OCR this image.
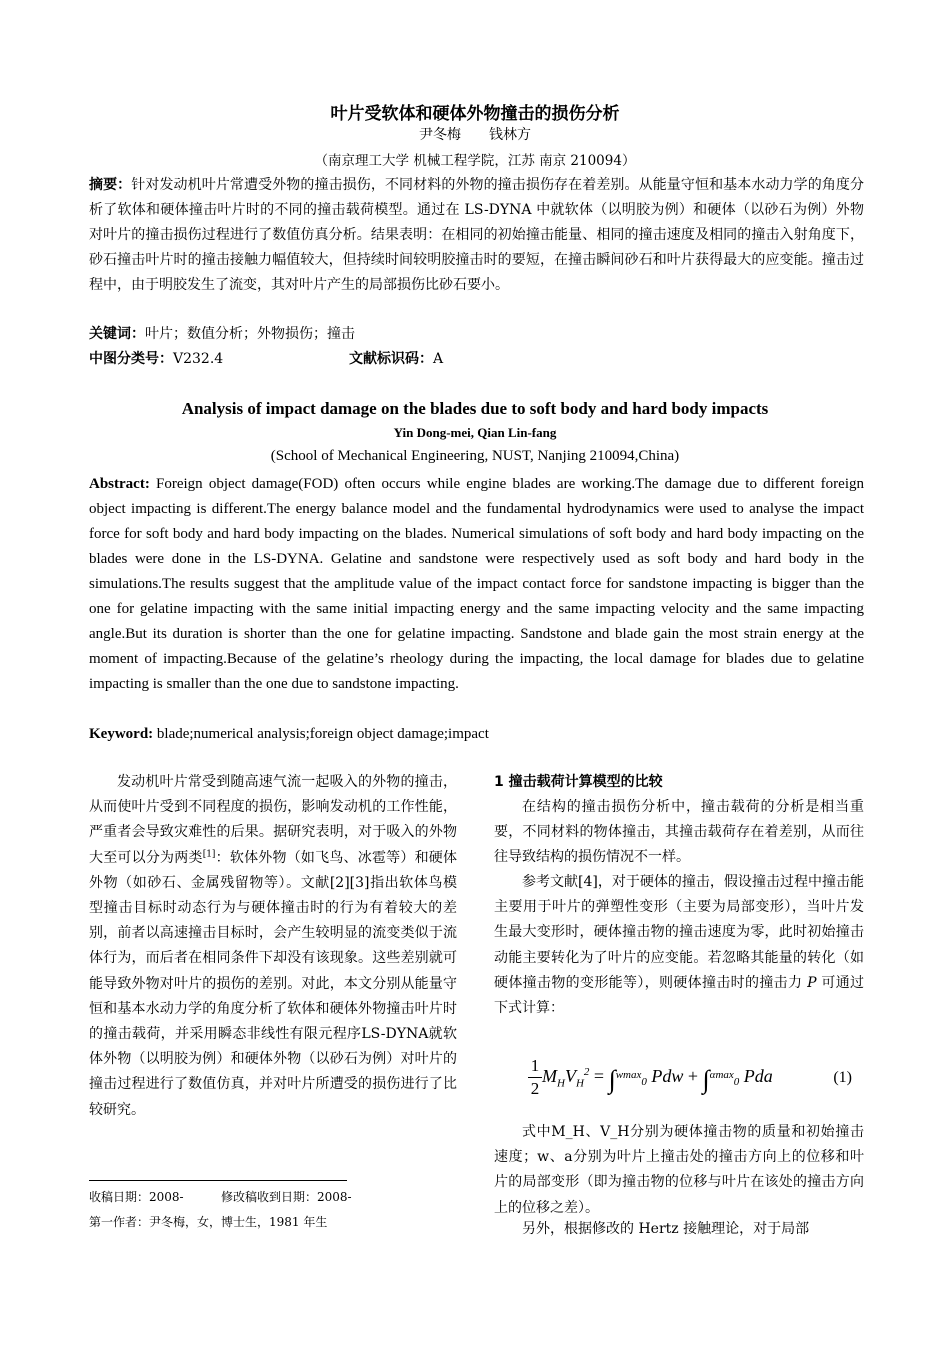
叶片受软体和硬体外物撞击的损伤分析
尹冬梅　　钱林方
（南京理工大学 机械工程学院，江苏 南京 210094）

摘要：针对发动机叶片常遭受外物的撞击损伤，不同材料的外物的撞击损伤存在着差别。从能量守恒和基本水动力学的角度分析了软体和硬体撞击叶片时的不同的撞击载荷模型。通过在 LS-DYNA 中就软体（以明胶为例）和硬体（以砂石为例）外物对叶片的撞击损伤过程进行了数值仿真分析。结果表明：在相同的初始撞击能量、相同的撞击速度及相同的撞击入射角度下，砂石撞击叶片时的撞击接触力幅值较大，但持续时间较明胶撞击时的要短，在撞击瞬间砂石和叶片获得最大的应变能。撞击过程中，由于明胶发生了流变，其对叶片产生的局部损伤比砂石要小。

关键词：叶片；数值分析；外物损伤；撞击
中图分类号：V232.4	文献标识码：A
Analysis of impact damage on the blades due to soft body and hard body impacts
Yin Dong-mei, Qian Lin-fang
(School of Mechanical Engineering, NUST, Nanjing 210094,China)

Abstract: Foreign object damage(FOD) often occurs while engine blades are working.The damage due to different foreign object impacting is different.The energy balance model and the fundamental hydrodynamics were used to analyse the impact force for soft body and hard body impacting on the blades. Numerical simulations of soft body and hard body impacting on the blades were done in the LS-DYNA. Gelatine and sandstone were respectively used as soft body and hard body in the simulations.The results suggest that the amplitude value of the impact contact force for sandstone impacting is bigger than the one for gelatine impacting with the same initial impacting energy and the same impacting velocity and the same impacting angle.But its duration is shorter than the one for gelatine impacting. Sandstone and blade gain the most strain energy at the moment of impacting.Because of the gelatine’s rheology during the impacting, the local damage for blades due to gelatine impacting is smaller than the one due to sandstone impacting.

Keyword: blade;numerical analysis;foreign object damage;impact

发动机叶片常受到随高速气流一起吸入的外物的撞击，从而使叶片受到不同程度的损伤，影响发动机的工作性能，严重者会导致灾难性的后果。据研究表明，对于吸入的外物大至可以分为两类[1]：软体外物（如飞鸟、冰雹等）和硬体外物（如砂石、金属残留物等）。文献[2][3]指出软体鸟模型撞击目标时动态行为与硬体撞击时的行为有着较大的差别，前者以高速撞击目标时，会产生较明显的流变类似于流体行为，而后者在相同条件下却没有该现象。这些差别就可能导致外物对叶片的损伤的差别。对此，本文分别从能量守恒和基本水动力学的角度分析了软体和硬体外物撞击叶片时的撞击载荷，并采用瞬态非线性有限元程序LS-DYNA就软体外物（以明胶为例）和硬体外物（以砂石为例）对叶片的撞击过程进行了数值仿真，并对叶片所遭受的损伤进行了比较研究。

收稿日期：2008-	修改稿收到日期：2008-
第一作者：尹冬梅，女，博士生，1981 年生
1 撞击载荷计算模型的比较

在结构的撞击损伤分析中，撞击载荷的分析是相当重要，不同材料的物体撞击，其撞击载荷存在着差别，从而往往导致结构的损伤情况不一样。

参考文献[4]，对于硬体的撞击，假设撞击过程中撞击能主要用于叶片的弹塑性变形（主要为局部变形），当叶片发生最大变形时，硬体撞击物的撞击速度为零，此时初始撞击动能主要转化为了叶片的应变能。若忽略其能量的转化（如硬体撞击物的变形能等），则硬体撞击时的撞击力 P 可通过下式计算：

1
2
$M_HV_H^2 = \int^{wmax}_0$ Pdw + ∫$^{\alpha max}_0$ Pda	(1)

式中M_H、V_H分别为硬体撞击物的质量和初始撞击速度；w、a分别为叶片上撞击处的撞击方向上的位移和叶片的局部变形（即为撞击物的位移与叶片在该处的撞击方向上的位移之差）。

另外，根据修改的 Hertz 接触理论，对于局部
